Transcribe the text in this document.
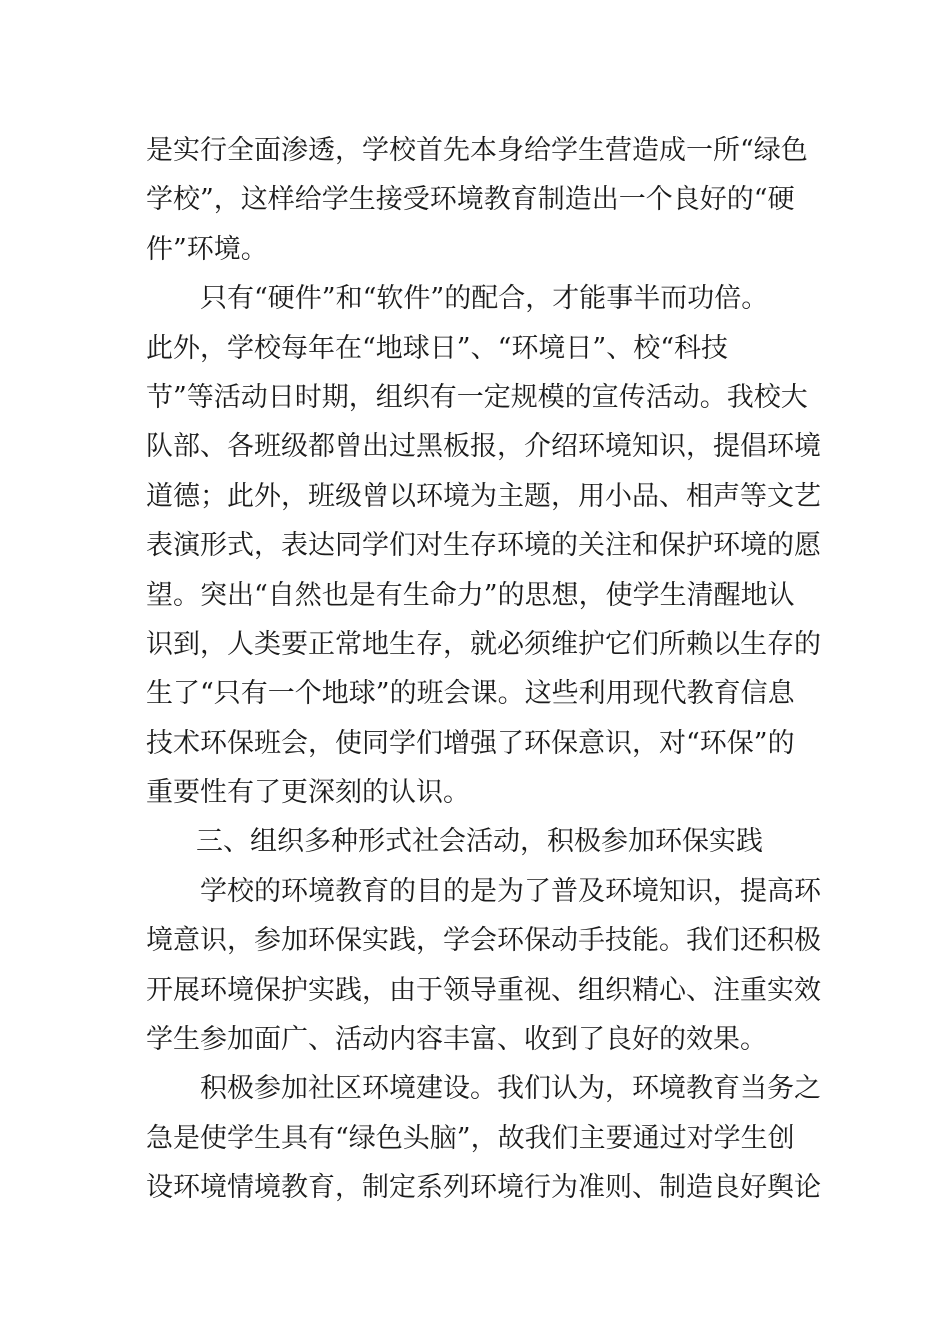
是实行全面渗透，学校首先本身给学生营造成一所“绿色
学校”，这样给学生接受环境教育制造出一个良好的“硬
件”环境。
只有“硬件”和“软件”的配合，才能事半而功倍。
此外，学校每年在“地球日”、“环境日”、校“科技
节”等活动日时期，组织有一定规模的宣传活动。我校大
队部、各班级都曾出过黑板报，介绍环境知识，提倡环境
道德；此外，班级曾以环境为主题，用小品、相声等文艺
表演形式，表达同学们对生存环境的关注和保护环境的愿
望。突出“自然也是有生命力”的思想，使学生清醒地认
识到，人类要正常地生存，就必须维护它们所赖以生存的
生了“只有一个地球”的班会课。这些利用现代教育信息
技术环保班会，使同学们增强了环保意识，对“环保”的
重要性有了更深刻的认识。
三、组织多种形式社会活动，积极参加环保实践
学校的环境教育的目的是为了普及环境知识，提高环
境意识，参加环保实践，学会环保动手技能。我们还积极
开展环境保护实践，由于领导重视、组织精心、注重实效
学生参加面广、活动内容丰富、收到了良好的效果。
积极参加社区环境建设。我们认为，环境教育当务之
急是使学生具有“绿色头脑”，故我们主要通过对学生创
设环境情境教育，制定系列环境行为准则、制造良好舆论
